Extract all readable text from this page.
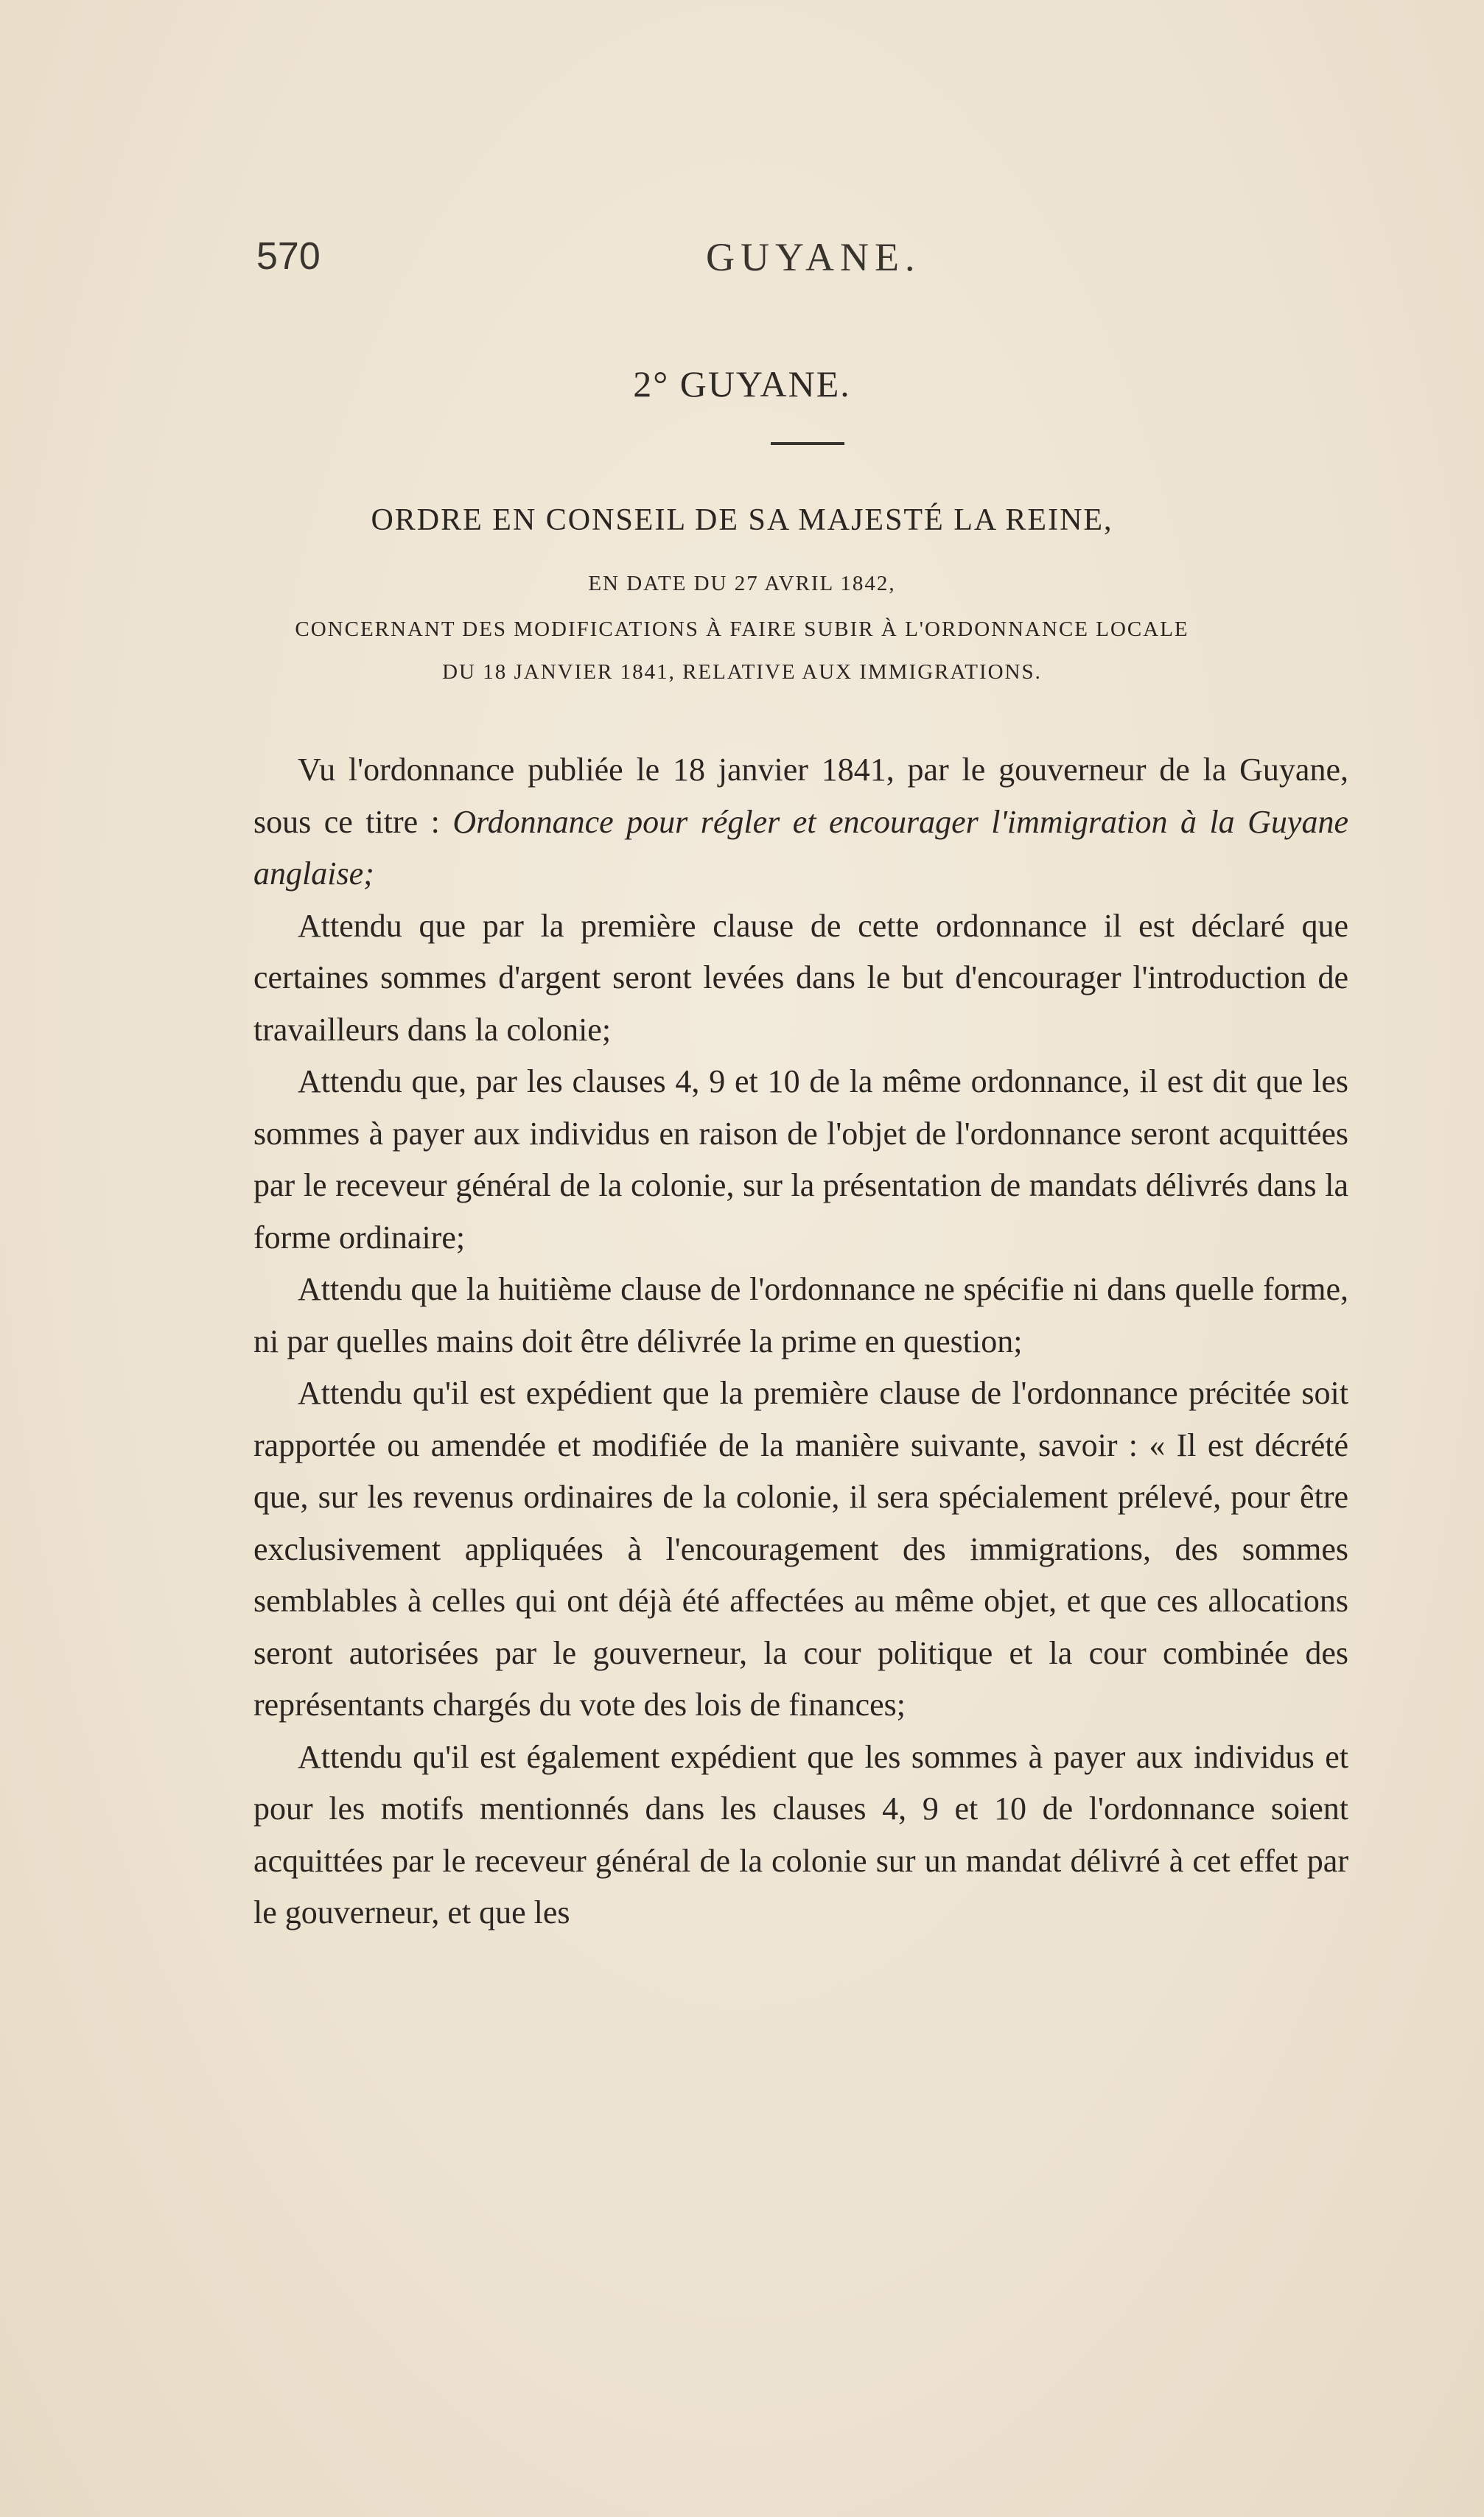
570	GUYANE.
2° GUYANE.
ORDRE EN CONSEIL DE SA MAJESTÉ LA REINE,
EN DATE DU 27 AVRIL 1842,
CONCERNANT DES MODIFICATIONS À FAIRE SUBIR À L'ORDONNANCE LOCALE
DU 18 JANVIER 1841, RELATIVE AUX IMMIGRATIONS.

Vu l'ordonnance publiée le 18 janvier 1841, par le gouverneur de la Guyane, sous ce titre : Ordonnance pour régler et encourager l'immigration à la Guyane anglaise;

Attendu que par la première clause de cette ordonnance il est déclaré que certaines sommes d'argent seront levées dans le but d'encourager l'introduction de travailleurs dans la colonie;

Attendu que, par les clauses 4, 9 et 10 de la même ordonnance, il est dit que les sommes à payer aux individus en raison de l'objet de l'ordonnance seront acquittées par le receveur général de la colonie, sur la présentation de mandats délivrés dans la forme ordinaire;

Attendu que la huitième clause de l'ordonnance ne spécifie ni dans quelle forme, ni par quelles mains doit être délivrée la prime en question;

Attendu qu'il est expédient que la première clause de l'ordonnance précitée soit rapportée ou amendée et modifiée de la manière suivante, savoir : « Il est décrété que, sur les revenus ordinaires de la colonie, il sera spécialement prélevé, pour être exclusivement appliquées à l'encouragement des immigrations, des sommes semblables à celles qui ont déjà été affectées au même objet, et que ces allocations seront autorisées par le gouverneur, la cour politique et la cour combinée des représentants chargés du vote des lois de finances;

Attendu qu'il est également expédient que les sommes à payer aux individus et pour les motifs mentionnés dans les clauses 4, 9 et 10 de l'ordonnance soient acquittées par le receveur général de la colonie sur un mandat délivré à cet effet par le gouverneur, et que les
